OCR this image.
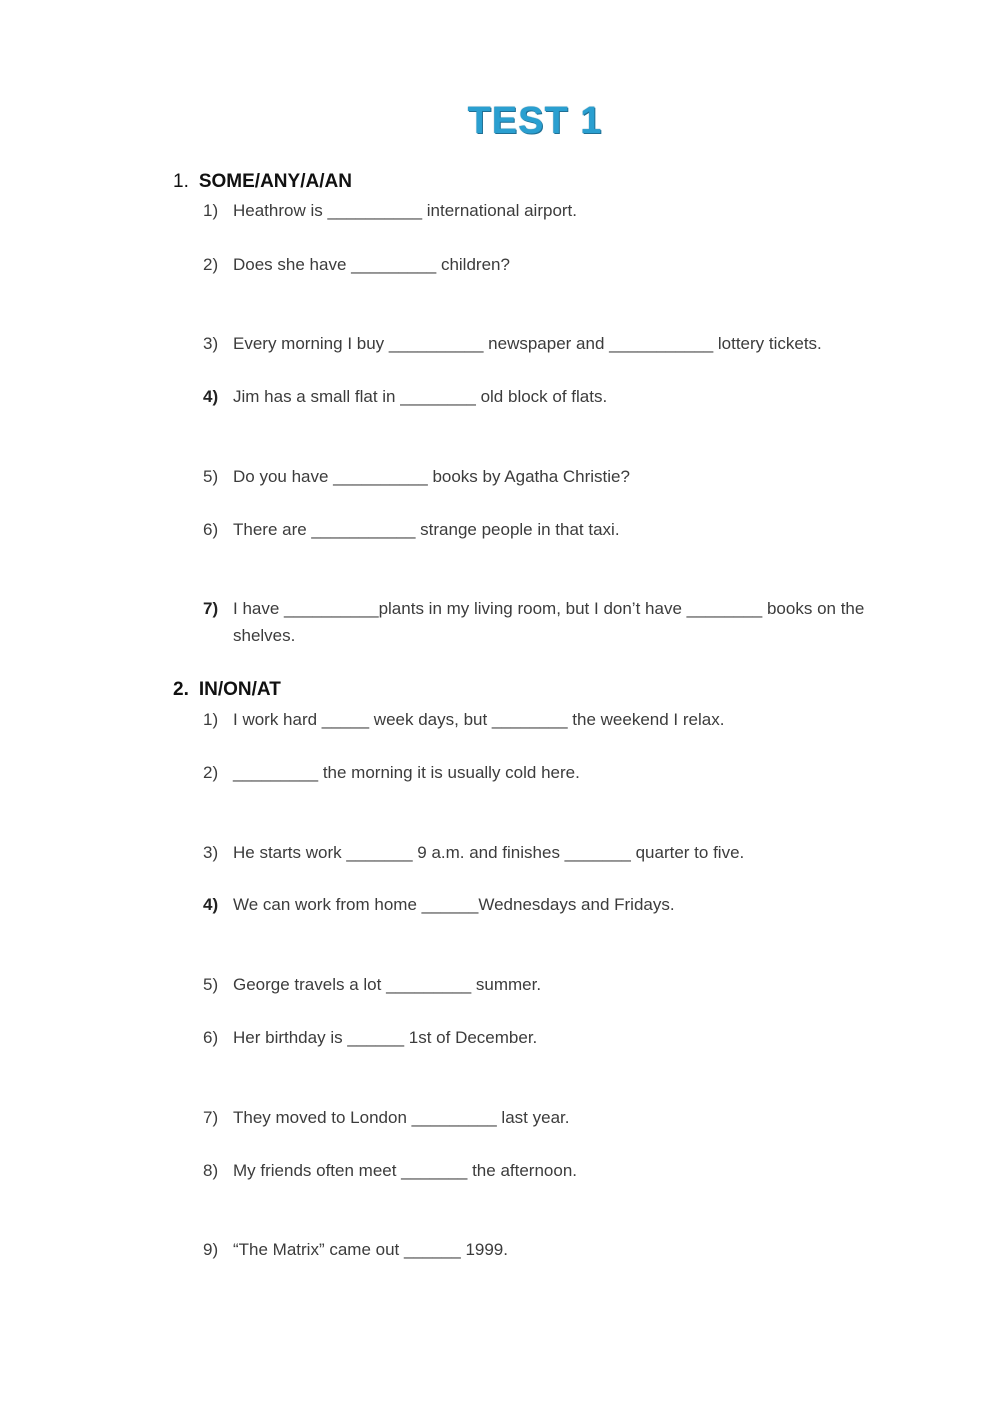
TEST 1
1. SOME/ANY/A/AN
1) Heathrow is __________ international airport.
2) Does she have _________ children?
3) Every morning I buy __________ newspaper and ___________ lottery tickets.
4) Jim has a small flat in ________ old block of flats.
5) Do you have __________ books by Agatha Christie?
6) There are ___________ strange people in that taxi.
7) I have __________plants in my living room, but I don’t have ________ books on the shelves.
2. IN/ON/AT
1) I work hard _____ week days, but ________ the weekend I relax.
2) _________ the morning it is usually cold here.
3) He starts work _______ 9 a.m. and finishes _______ quarter to five.
4) We can work from home ______Wednesdays and Fridays.
5) George travels a lot _________ summer.
6) Her birthday is ______ 1st of December.
7) They moved to London _________ last year.
8) My friends often meet _______ the afternoon.
9) “The Matrix” came out ______ 1999.
